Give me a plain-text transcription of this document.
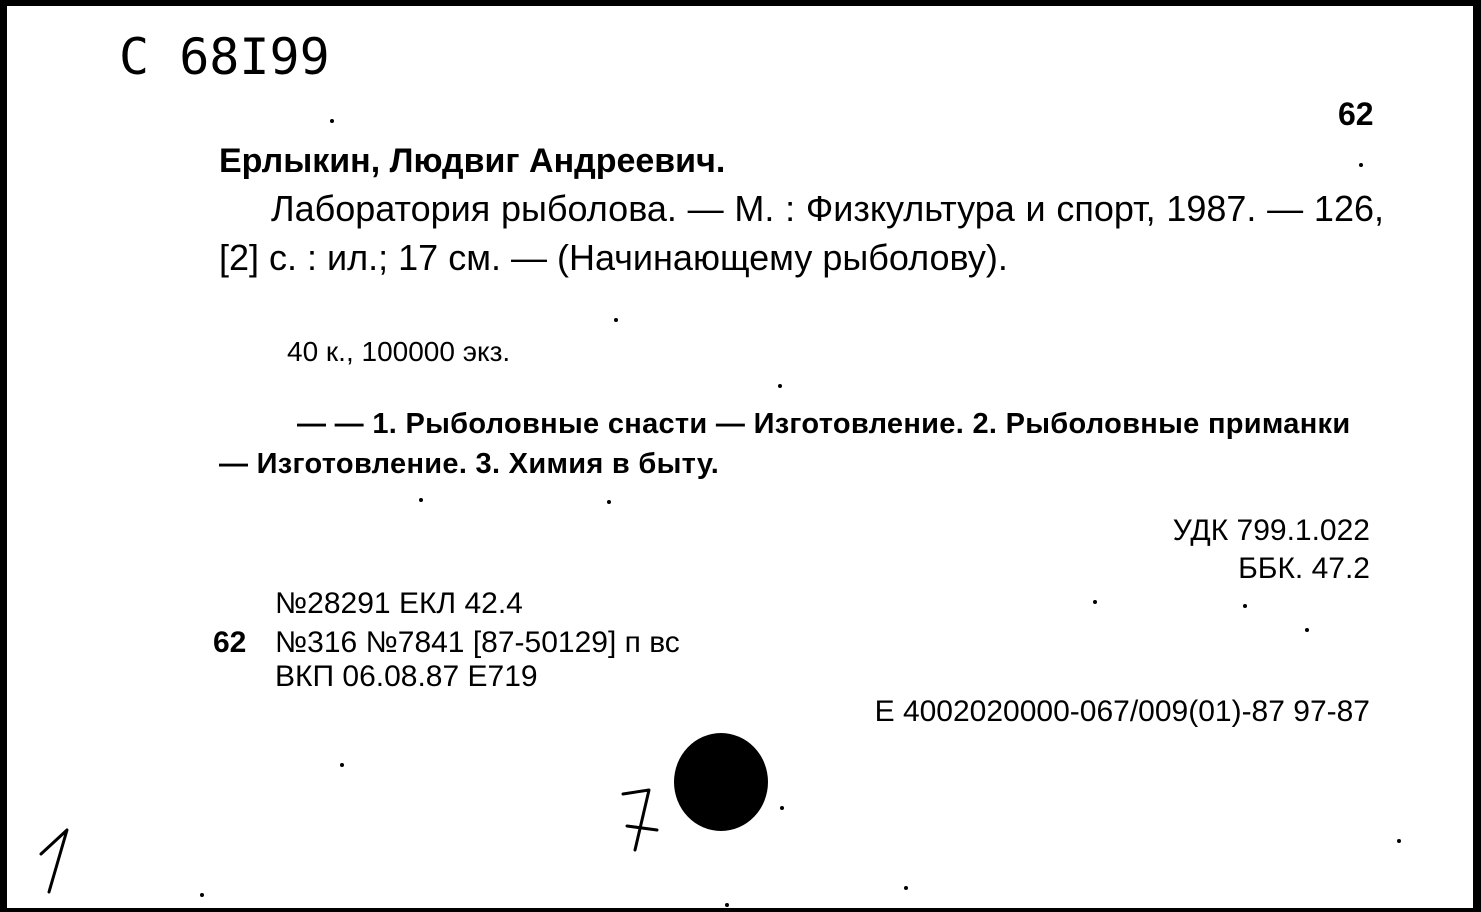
С 68I99
62
Ерлыкин, Людвиг Андреевич.
Лаборатория рыболова. — М. : Физкультура и спорт, 1987. — 126,[2] с. : ил.; 17 см. — (Начинающему рыболову).
40 к., 100000 экз.
— — 1. Рыболовные снасти — Изготовление. 2. Рыболовные приманки — Изготовление. 3. Химия в быту.
УДК 799.1.022
ББК. 47.2
№28291 ЕКЛ 42.4
62 №316 №7841 [87-50129] п вс
ВКП 06.08.87 Е719
Е 4002020000-067/009(01)-87 97-87
